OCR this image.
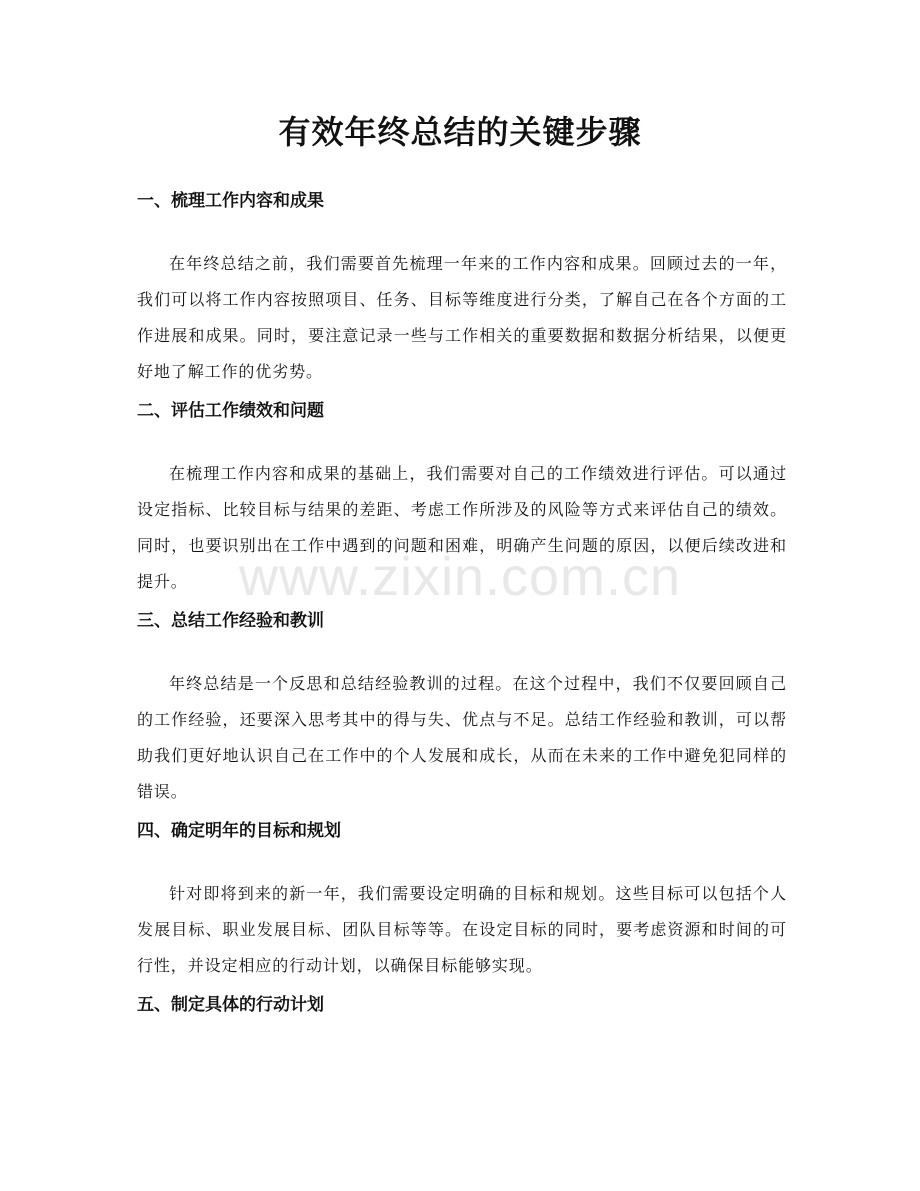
有效年终总结的关键步骤
www.zixin.com.cn
一、梳理工作内容和成果

在年终总结之前，我们需要首先梳理一年来的工作内容和成果。回顾过去的一年，我们可以将工作内容按照项目、任务、目标等维度进行分类，了解自己在各个方面的工作进展和成果。同时，要注意记录一些与工作相关的重要数据和数据分析结果，以便更好地了解工作的优劣势。

二、评估工作绩效和问题

在梳理工作内容和成果的基础上，我们需要对自己的工作绩效进行评估。可以通过设定指标、比较目标与结果的差距、考虑工作所涉及的风险等方式来评估自己的绩效。同时，也要识别出在工作中遇到的问题和困难，明确产生问题的原因，以便后续改进和提升。

三、总结工作经验和教训

年终总结是一个反思和总结经验教训的过程。在这个过程中，我们不仅要回顾自己的工作经验，还要深入思考其中的得与失、优点与不足。总结工作经验和教训，可以帮助我们更好地认识自己在工作中的个人发展和成长，从而在未来的工作中避免犯同样的错误。

四、确定明年的目标和规划

针对即将到来的新一年，我们需要设定明确的目标和规划。这些目标可以包括个人发展目标、职业发展目标、团队目标等等。在设定目标的同时，要考虑资源和时间的可行性，并设定相应的行动计划，以确保目标能够实现。

五、制定具体的行动计划
